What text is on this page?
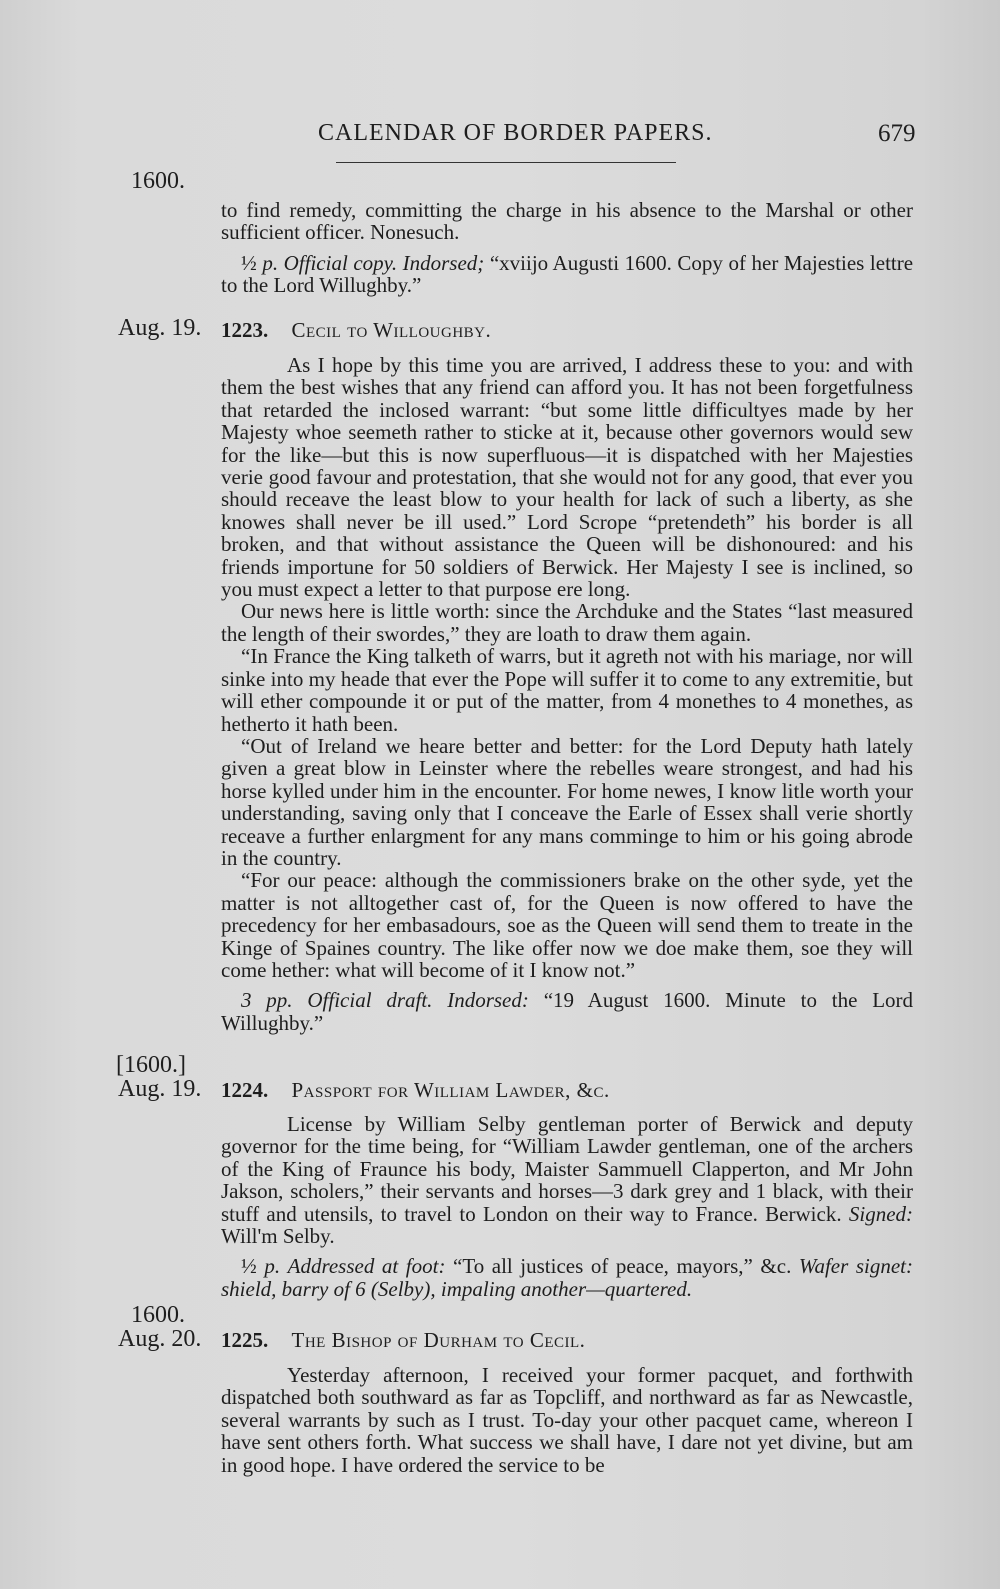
CALENDAR OF BORDER PAPERS.	679
1600.

to find remedy, committing the charge in his absence to the Marshal or other sufficient officer. Nonesuch.

½ p. Official copy. Indorsed; “xviijo Augusti 1600. Copy of her Majesties lettre to the Lord Willughby.”

Aug. 19. 1223. Cecil to Willoughby.

As I hope by this time you are arrived, I address these to you: and with them the best wishes that any friend can afford you. It has not been forgetfulness that retarded the inclosed warrant: “but some little difficultyes made by her Majesty whoe seemeth rather to sticke at it, because other governors would sew for the like—but this is now superfluous—it is dispatched with her Majesties verie good favour and protestation, that she would not for any good, that ever you should receave the least blow to your health for lack of such a liberty, as she knowes shall never be ill used.” Lord Scrope “pretendeth” his border is all broken, and that without assistance the Queen will be dishonoured: and his friends importune for 50 soldiers of Berwick. Her Majesty I see is inclined, so you must expect a letter to that purpose ere long.

Our news here is little worth: since the Archduke and the States “last measured the length of their swordes,” they are loath to draw them again.

“In France the King talketh of warrs, but it agreth not with his mariage, nor will sinke into my heade that ever the Pope will suffer it to come to any extremitie, but will ether compounde it or put of the matter, from 4 monethes to 4 monethes, as hetherto it hath been.

“Out of Ireland we heare better and better: for the Lord Deputy hath lately given a great blow in Leinster where the rebelles weare strongest, and had his horse kylled under him in the encounter. For home newes, I know litle worth your understanding, saving only that I conceave the Earle of Essex shall verie shortly receave a further enlargment for any mans comminge to him or his going abrode in the country.

“For our peace: although the commissioners brake on the other syde, yet the matter is not alltogether cast of, for the Queen is now offered to have the precedency for her embasadours, soe as the Queen will send them to treate in the Kinge of Spaines country. The like offer now we doe make them, soe they will come hether: what will become of it I know not.”

3 pp. Official draft. Indorsed: “19 August 1600. Minute to the Lord Willughby.”

[1600.]
Aug. 19. 1224. Passport for William Lawder, &c.

License by William Selby gentleman porter of Berwick and deputy governor for the time being, for “William Lawder gentleman, one of the archers of the King of Fraunce his body, Maister Sammuell Clapperton, and Mr John Jakson, scholers,” their servants and horses—3 dark grey and 1 black, with their stuff and utensils, to travel to London on their way to France. Berwick. Signed: Will'm Selby.

½ p. Addressed at foot: “To all justices of peace, mayors,” &c. Wafer signet: shield, barry of 6 (Selby), impaling another—quartered.

1600.
Aug. 20. 1225. The Bishop of Durham to Cecil.

Yesterday afternoon, I received your former pacquet, and forthwith dispatched both southward as far as Topcliff, and northward as far as Newcastle, several warrants by such as I trust. To-day your other pacquet came, whereon I have sent others forth. What success we shall have, I dare not yet divine, but am in good hope. I have ordered the service to be
